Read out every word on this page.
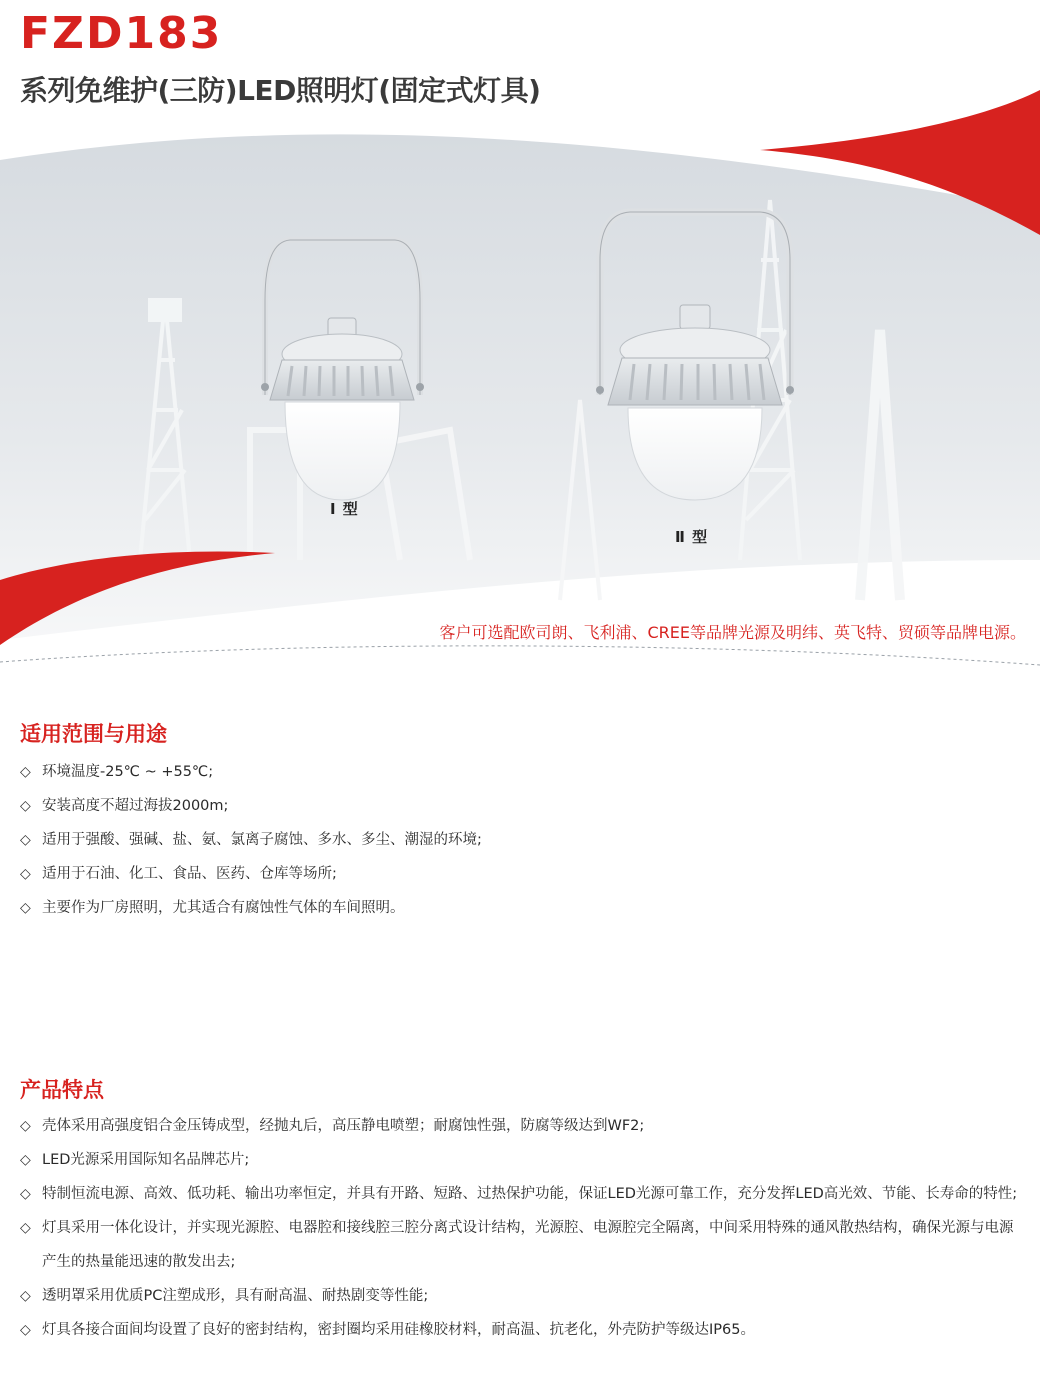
FZD183
系列免维护(三防)LED照明灯(固定式灯具)
Ⅰ 型
Ⅱ 型

客户可选配欧司朗、飞利浦、CREE等品牌光源及明纬、英飞特、贸硕等品牌电源。

适用范围与用途
◇ 环境温度-25℃ ~ +55℃;
◇ 安装高度不超过海拔2000m;
◇ 适用于强酸、强碱、盐、氨、氯离子腐蚀、多水、多尘、潮湿的环境;
◇ 适用于石油、化工、食品、医药、仓库等场所;
◇ 主要作为厂房照明，尤其适合有腐蚀性气体的车间照明。
产品特点
◇ 壳体采用高强度铝合金压铸成型，经抛丸后，高压静电喷塑；耐腐蚀性强，防腐等级达到WF2;
◇ LED光源采用国际知名品牌芯片;
◇ 特制恒流电源、高效、低功耗、输出功率恒定，并具有开路、短路、过热保护功能，保证LED光源可靠工作，充分发挥LED高光效、节能、长寿命的特性;
◇ 灯具采用一体化设计，并实现光源腔、电器腔和接线腔三腔分离式设计结构，光源腔、电源腔完全隔离，中间采用特殊的通风散热结构，确保光源与电源产生的热量能迅速的散发出去;
◇ 透明罩采用优质PC注塑成形，具有耐高温、耐热剧变等性能;
◇ 灯具各接合面间均设置了良好的密封结构，密封圈均采用硅橡胶材料，耐高温、抗老化，外壳防护等级达IP65。
